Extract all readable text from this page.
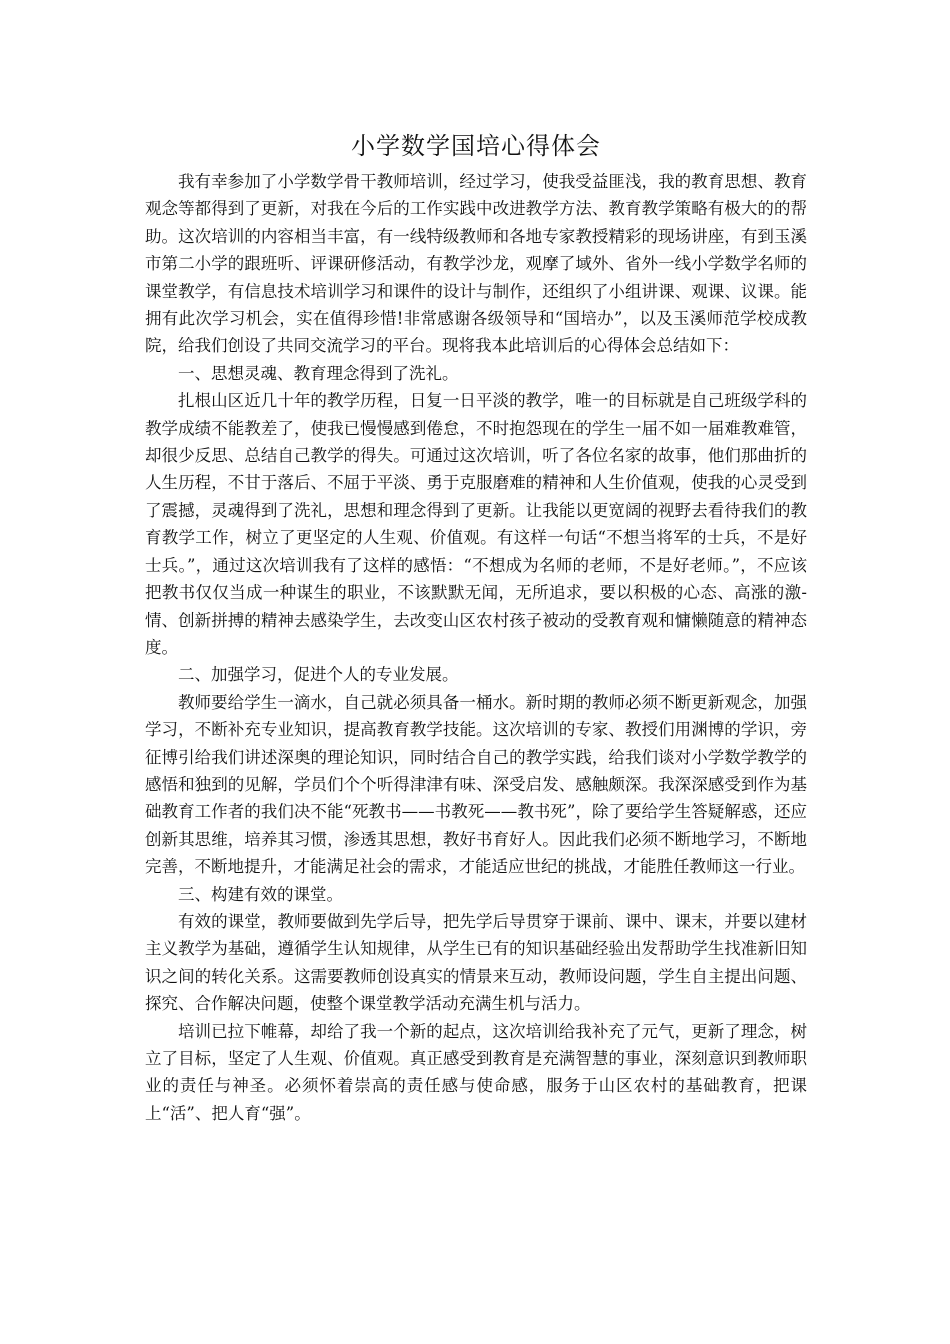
小学数学国培心得体会

我有幸参加了小学数学骨干教师培训，经过学习，使我受益匪浅，我的教育思想、教育观念等都得到了更新，对我在今后的工作实践中改进教学方法、教育教学策略有极大的的帮助。这次培训的内容相当丰富，有一线特级教师和各地专家教授精彩的现场讲座，有到玉溪市第二小学的跟班听、评课研修活动，有教学沙龙，观摩了域外、省外一线小学数学名师的课堂教学，有信息技术培训学习和课件的设计与制作，还组织了小组讲课、观课、议课。能拥有此次学习机会，实在值得珍惜!非常感谢各级领导和“国培办”，以及玉溪师范学校成教院，给我们创设了共同交流学习的平台。现将我本此培训后的心得体会总结如下：

一、思想灵魂、教育理念得到了洗礼。

扎根山区近几十年的教学历程，日复一日平淡的教学，唯一的目标就是自己班级学科的教学成绩不能教差了，使我已慢慢感到倦怠，不时抱怨现在的学生一届不如一届难教难管，却很少反思、总结自己教学的得失。可通过这次培训，听了各位名家的故事，他们那曲折的人生历程，不甘于落后、不屈于平淡、勇于克服磨难的精神和人生价值观，使我的心灵受到了震撼，灵魂得到了洗礼，思想和理念得到了更新。让我能以更宽阔的视野去看待我们的教育教学工作，树立了更坚定的人生观、价值观。有这样一句话“不想当将军的士兵，不是好士兵。”，通过这次培训我有了这样的感悟：“不想成为名师的老师，不是好老师。”，不应该把教书仅仅当成一种谋生的职业，不该默默无闻，无所追求，要以积极的心态、高涨的激-情、创新拼搏的精神去感染学生，去改变山区农村孩子被动的受教育观和慵懒随意的精神态度。

二、加强学习，促进个人的专业发展。

教师要给学生一滴水，自己就必须具备一桶水。新时期的教师必须不断更新观念，加强学习，不断补充专业知识，提高教育教学技能。这次培训的专家、教授们用渊博的学识，旁征博引给我们讲述深奥的理论知识，同时结合自己的教学实践，给我们谈对小学数学教学的感悟和独到的见解，学员们个个听得津津有味、深受启发、感触颇深。我深深感受到作为基础教育工作者的我们决不能“死教书——书教死——教书死”，除了要给学生答疑解惑，还应创新其思维，培养其习惯，渗透其思想，教好书育好人。因此我们必须不断地学习，不断地完善，不断地提升，才能满足社会的需求，才能适应世纪的挑战，才能胜任教师这一行业。

三、构建有效的课堂。

有效的课堂，教师要做到先学后导，把先学后导贯穿于课前、课中、课末，并要以建材主义教学为基础，遵循学生认知规律，从学生已有的知识基础经验出发帮助学生找准新旧知识之间的转化关系。这需要教师创设真实的情景来互动，教师设问题，学生自主提出问题、探究、合作解决问题，使整个课堂教学活动充满生机与活力。

培训已拉下帷幕，却给了我一个新的起点，这次培训给我补充了元气，更新了理念，树立了目标，坚定了人生观、价值观。真正感受到教育是充满智慧的事业，深刻意识到教师职业的责任与神圣。必须怀着崇高的责任感与使命感，服务于山区农村的基础教育，把课上“活”、把人育“强”。
